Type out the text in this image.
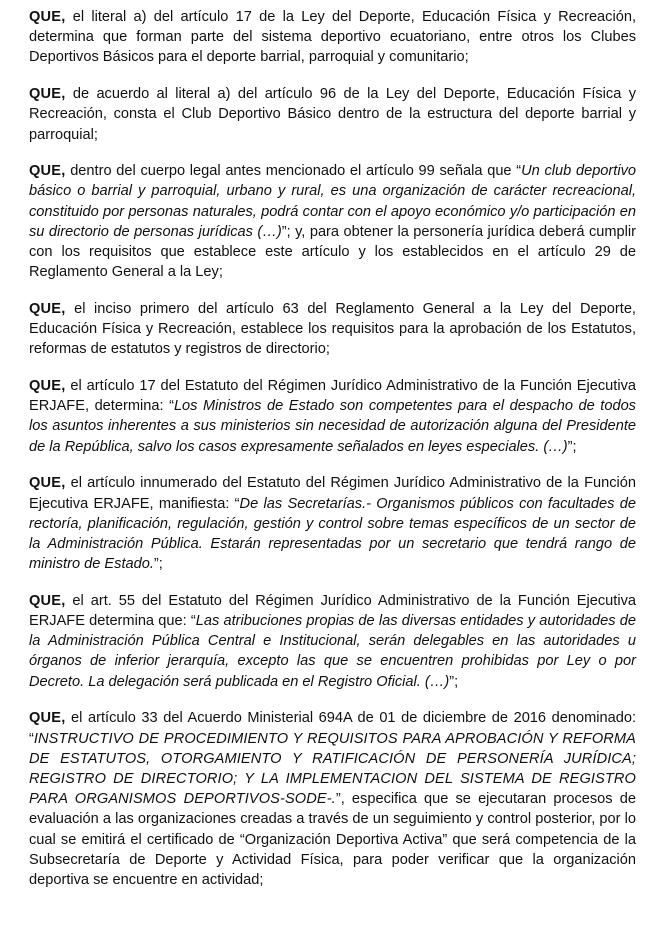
QUE, el literal a) del artículo 17 de la Ley del Deporte, Educación Física y Recreación, determina que forman parte del sistema deportivo ecuatoriano, entre otros los Clubes Deportivos Básicos para el deporte barrial, parroquial y comunitario;

QUE, de acuerdo al literal a) del artículo 96 de la Ley del Deporte, Educación Física y Recreación, consta el Club Deportivo Básico dentro de la estructura del deporte barrial y parroquial;

QUE, dentro del cuerpo legal antes mencionado el artículo 99 señala que “Un club deportivo básico o barrial y parroquial, urbano y rural, es una organización de carácter recreacional, constituido por personas naturales, podrá contar con el apoyo económico y/o participación en su directorio de personas jurídicas (…)”; y, para obtener la personería jurídica deberá cumplir con los requisitos que establece este artículo y los establecidos en el artículo 29 de Reglamento General a la Ley;

QUE, el inciso primero del artículo 63 del Reglamento General a la Ley del Deporte, Educación Física y Recreación, establece los requisitos para la aprobación de los Estatutos, reformas de estatutos y registros de directorio;

QUE, el artículo 17 del Estatuto del Régimen Jurídico Administrativo de la Función Ejecutiva ERJAFE, determina: “Los Ministros de Estado son competentes para el despacho de todos los asuntos inherentes a sus ministerios sin necesidad de autorización alguna del Presidente de la República, salvo los casos expresamente señalados en leyes especiales. (…)”;

QUE, el artículo innumerado del Estatuto del Régimen Jurídico Administrativo de la Función Ejecutiva ERJAFE, manifiesta: “De las Secretarías.- Organismos públicos con facultades de rectoría, planificación, regulación, gestión y control sobre temas específicos de un sector de la Administración Pública. Estarán representadas por un secretario que tendrá rango de ministro de Estado.”;

QUE, el art. 55 del Estatuto del Régimen Jurídico Administrativo de la Función Ejecutiva ERJAFE determina que: “Las atribuciones propias de las diversas entidades y autoridades de la Administración Pública Central e Institucional, serán delegables en las autoridades u órganos de inferior jerarquía, excepto las que se encuentren prohibidas por Ley o por Decreto. La delegación será publicada en el Registro Oficial. (…)”;

QUE, el artículo 33 del Acuerdo Ministerial 694A de 01 de diciembre de 2016 denominado: “INSTRUCTIVO DE PROCEDIMIENTO Y REQUISITOS PARA APROBACIÓN Y REFORMA DE ESTATUTOS, OTORGAMIENTO Y RATIFICACIÓN DE PERSONERÍA JURÍDICA; REGISTRO DE DIRECTORIO; Y LA IMPLEMENTACION DEL SISTEMA DE REGISTRO PARA ORGANISMOS DEPORTIVOS-SODE-.”, especifica que se ejecutaran procesos de evaluación a las organizaciones creadas a través de un seguimiento y control posterior, por lo cual se emitirá el certificado de “Organización Deportiva Activa” que será competencia de la Subsecretaría de Deporte y Actividad Física, para poder verificar que la organización deportiva se encuentre en actividad;
